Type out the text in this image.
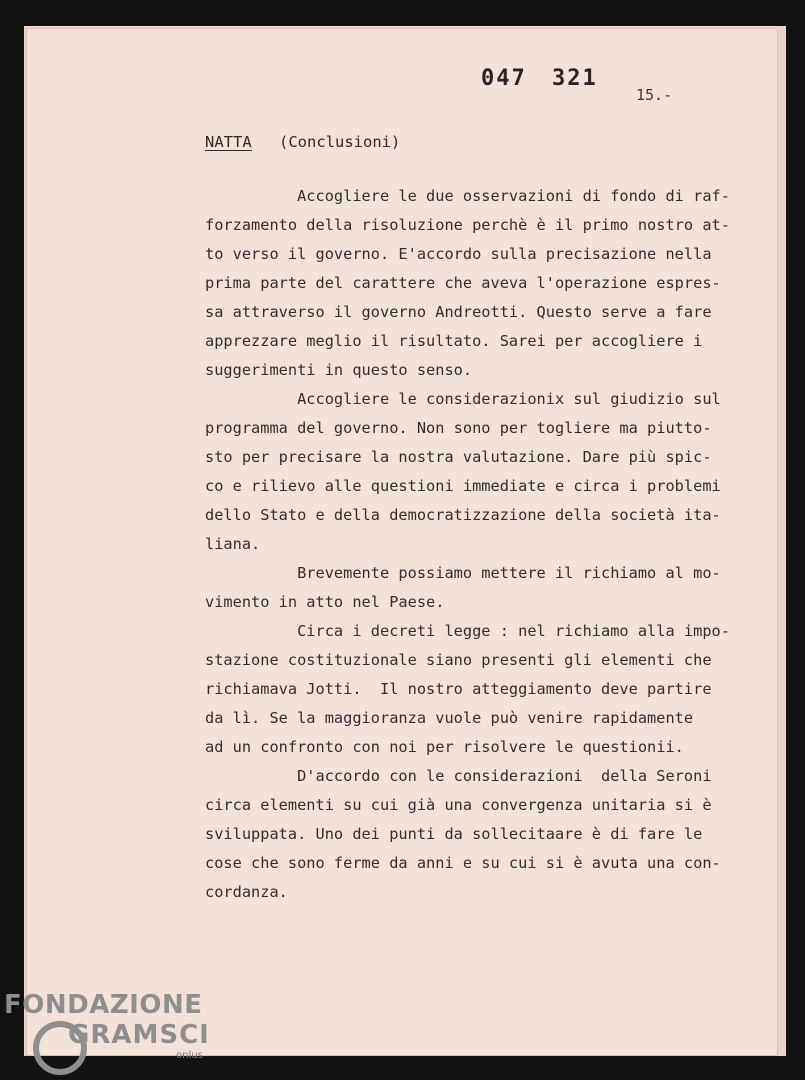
047 321
15.-
NATTA (Conclusioni)
Accogliere le due osservazioni di fondo di raf-
forzamento della risoluzione perchè è il primo nostro at-
to verso il governo. E'accordo sulla precisazione nella
prima parte del carattere che aveva l'operazione espres-
sa attraverso il governo Andreotti. Questo serve a fare
apprezzare meglio il risultato. Sarei per accogliere i
suggerimenti in questo senso.
Accogliere le considerazionix sul giudizio sul
programma del governo. Non sono per togliere ma piutto-
sto per precisare la nostra valutazione. Dare più spic-
co e rilievo alle questioni immediate e circa i problemi
dello Stato e della democratizzazione della società ita-
liana.
Brevemente possiamo mettere il richiamo al mo-
vimento in atto nel Paese.
Circa i decreti legge : nel richiamo alla impo-
stazione costituzionale siano presenti gli elementi che
richiamava Jotti.  Il nostro atteggiamento deve partire
da lì. Se la maggioranza vuole può venire rapidamente
ad un confronto con noi per risolvere le questionii.
D'accordo con le considerazioni  della Seroni
circa elementi su cui già una convergenza unitaria si è
sviluppata. Uno dei punti da sollecitaare è di fare le
cose che sono ferme da anni e su cui si è avuta una con-
cordanza.
FONDAZIONE
GRAMSCI
onlus
